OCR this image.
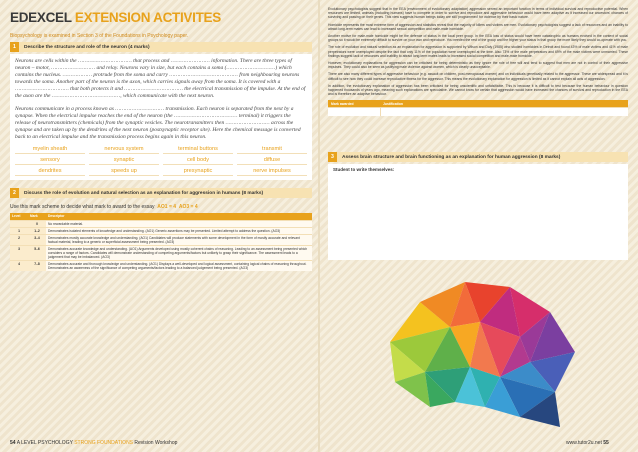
EDEXCEL EXTENSION ACTIVITES
Biopsychology is examined in Section 3 of the Foundations in Psychology paper.
1	Describe the structure and role of the neuron (4 marks)
Neurons are cells within the …………………………… that process and …………………… information. There are three types of neuron – motor, ……………………… and relay. Neurons vary in size, but each contains a soma (…………………………) which contains the nucleus. ……………… protrude from the soma and carry …………………………………… from neighbouring neurons towards the soma. Another part of the neuron is the axon, which carries signals away from the soma. It is covered with a …………………………… that both protects it and ……………………………… the electrical transmission of the impulse. At the end of the axon are the ……………………………………, which communicate with the next neuron.
Neurons communicate in a process known as ………………………… transmission. Each neuron is separated from the next by a synapse. When the electrical impulse reaches the end of the neuron (the ………………………………… terminal) it triggers the release of neurotransmitters (chemicals) from the synaptic vesicles. The neurotransmitters then ……………………… across the synapse and are taken up by the dendrites of the next neuron (postsynaptic receptor site). Here the chemical message is converted back to an electrical impulse and the transmission process begins again in this neuron.
myelin sheath	nervous system	terminal buttons	transmit
sensory	synaptic	cell body	diffuse
dendrites	speeds up	presynaptic	nerve impulses
2	Discuss the role of evolution and natural selection as an explanation for aggression in humans (8 marks)
Use this mark scheme to decide what mark to award to the essay AO1 = 4 AO3 = 4
Level	Mark	Descriptor
	0	No rewardable material.
1	1–2	Demonstrates isolated elements of knowledge and understanding. (AO1) Generic assertions may be presented. Limited attempt to address the question. (AO3)
2	3–4	Demonstrates mostly accurate knowledge and understanding. (AO1) Candidates will produce statements with some development in the form of mostly accurate and relevant factual material, leading to a generic or superficial assessment being presented. (AO3)
3	5–6	Demonstrates accurate knowledge and understanding. (AO1) Arguments developed using mostly coherent chains of reasoning. Leading to an assessment being presented which considers a range of factors. Candidates will demonstrate understanding of competing arguments/factors but unlikely to grasp their significance. The assessment leads to a judgement that may be imbalanced. (AO3)
4	7–8	Demonstrates accurate and thorough knowledge and understanding. (AO1) Displays a well-developed and logical assessment, containing logical chains of reasoning throughout. Demonstrates an awareness of the significance of competing arguments/factors leading to a balanced judgement being presented. (AO3)

Evolutionary psychologists suggest that in the EEA (environment of evolutionary adaptation) aggression served an important function in terms of individual survival and reproductive potential. When resources are limited, animals (including humans) have to compete in order to survive and reproduce and aggressive behaviour would have been adaptive as it increased our ancestors' chances of surviving and passing on their genes. This view suggests human beings today are still 'programmed' for violence by their basic nature.

Homicide represents the most extreme form of aggression and statistics reveal that the majority of killers and victims are men. Evolutionary psychologists suggest a lack of resources and an inability to attract long-term mates can lead to increased sexual competition and male-male homicide.

Another motive for male-male homicide might be the defence of status in the local peer group. In the EEA loss of status would have been catastrophic as humans evolved in the context of social groups so it would be extremely difficult to survive on your own and reproduce. You needed the rest of the group and the higher your status in that group the more likely they would co-operate with you.

The role of evolution and natural selection as an explanation for aggression is supported by Wilson and Daly (1985) who studied homicides in Detroit and found 43% of male victims and 41% of male perpetrators were unemployed despite the fact that only 11% of the population were unemployed at the time. Also 73% of the male perpetrators and 69% of the male victims were unmarried. These findings suggest lack of resources and inability to attract long-term mates leads to increased social competition and male-male homicide.

However, evolutionary explanations for aggression can be criticised for being deterministic as they ignore the role of free will and tend to suggest that men are not in control of their aggressive impulses. They could also be seen as justifying male violence against women, which is clearly unacceptable.

There are also many different types of aggressive behaviour (e.g. assault on children, post-menopausal women) and on individuals genetically related to the aggressor. These are widespread and it is difficult to see how they could increase reproductive fitness for the aggressor. This means the evolutionary explanation for aggression is limited as it cannot explain all acts of aggression.

In addition, the evolutionary explanation of aggression has been criticised for being unscientific and unfalsifiable. This is because it is difficult to test because the human behaviour in question happened thousands of years ago, meaning such explanations are speculative. We cannot know for certain that aggression would have increased the chances of survival and reproduction in the EEA and is therefore an adaptive behaviour.

Mark awarded	Justification

3	Assess brain structure and brain functioning as an explanation for human aggression (8 marks)
Student to write themselves:
54 A LEVEL PSYCHOLOGY STRONG FOUNDATIONS Revision Workshop	www.tutor2u.net 55
